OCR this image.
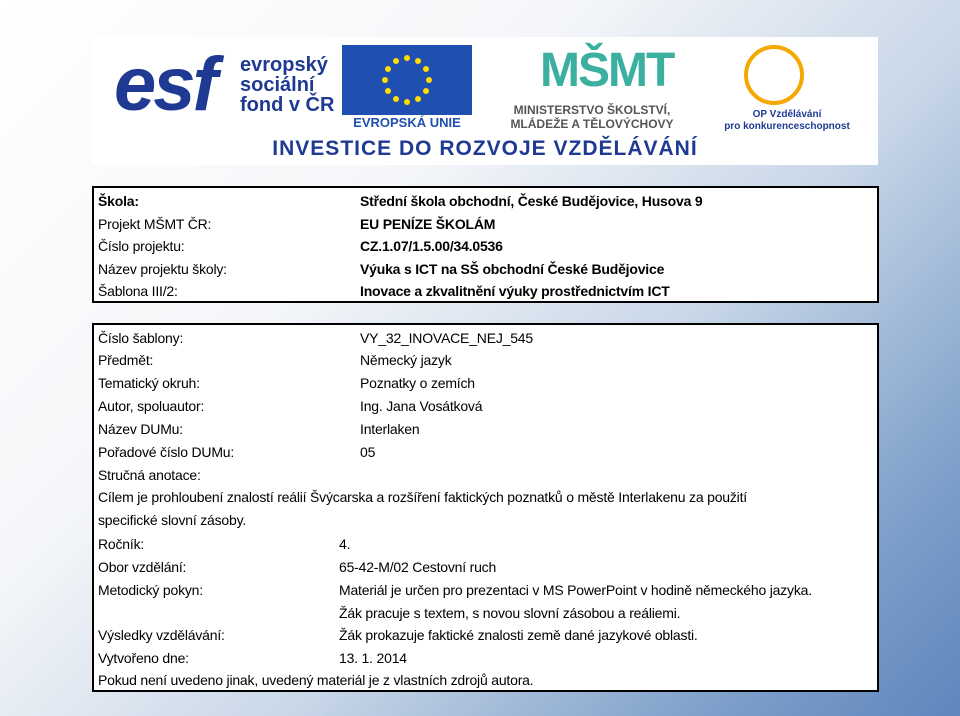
esf evropský
sociální
fond v ČR
EVROPSKÁ UNIE
MŠMT
MINISTERSTVO ŠKOLSTVÍ,
MLÁDEŽE A TĚLOVÝCHOVY
OP Vzdělávání
pro konkurenceschopnost
INVESTICE DO ROZVOJE VZDĚLÁVÁNÍ
Škola:	Střední škola obchodní, České Budějovice, Husova 9
Projekt MŠMT ČR:	EU PENÍZE ŠKOLÁM
Číslo projektu:	CZ.1.07/1.5.00/34.0536
Název projektu školy:	Výuka s ICT na SŠ obchodní České Budějovice
Šablona III/2:	Inovace a zkvalitnění výuky prostřednictvím ICT
Číslo šablony:	VY_32_INOVACE_NEJ_545
Předmět:	Německý jazyk
Tematický okruh:	Poznatky o zemích
Autor, spoluautor:	Ing. Jana Vosátková
Název DUMu:	Interlaken
Pořadové číslo DUMu:	05
Stručná anotace:
Cílem je prohloubení znalostí reálií Švýcarska a rozšíření faktických poznatků o městě Interlakenu za použití
specifické slovní zásoby.
Ročník:	4.
Obor vzdělání:	65-42-M/02 Cestovní ruch
Metodický pokyn:	Materiál je určen pro prezentaci v MS PowerPoint v hodině německého jazyka.
Žák pracuje s textem, s novou slovní zásobou a reáliemi.
Výsledky vzdělávání:	Žák prokazuje faktické znalosti země dané jazykové oblasti.
Vytvořeno dne:	13. 1. 2014
Pokud není uvedeno jinak, uvedený materiál je z vlastních zdrojů autora.
